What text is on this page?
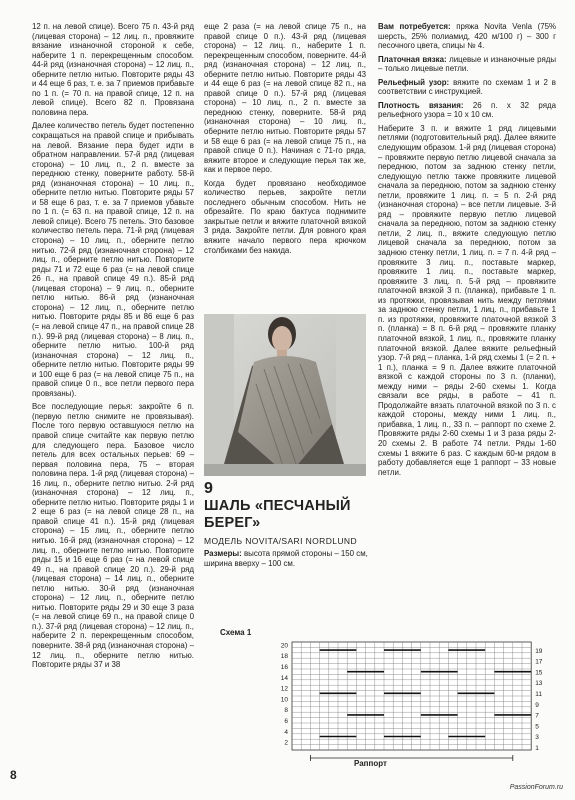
12 п. на левой спице). Всего 75 п. 43-й ряд (лицевая сторона) – 12 лиц. п., провяжите вязание изнаночной стороной к себе, наберите 1 п. перекрещенным способом. 44-й ряд (изнаночная сторона) – 12 лиц. п., оберните петлю нитью. Повторите ряды 43 и 44 еще 6 раз, т. е. за 7 приемов прибавьте по 1 п. (= 70 п. на правой спице, 12 п. на левой спице). Всего 82 п. Провязана половина пера.

Далее количество петель будет постепенно сокращаться на правой спице и прибывать на левой. Вязание пера будет идти в обратном направлении. 57-й ряд (лицевая сторона) – 10 лиц. п., 2 п. вместе за переднюю стенку, поверните работу. 58-й ряд (изнаночная сторона) – 10 лиц. п., оберните петлю нитью. Повторите ряды 57 и 58 еще 6 раз, т. е. за 7 приемов убавьте по 1 п. (= 63 п. на правой спице, 12 п. на левой спице). Всего 75 петель. Это базовое количество петель пера. 71-й ряд (лицевая сторона) – 10 лиц. п., оберните петлю нитью. 72-й ряд (изнаночная сторона) – 12 лиц. п., оберните петлю нитью. Повторите ряды 71 и 72 еще 6 раз (= на левой спице 26 п., на правой спице 49 п.). 85-й ряд (лицевая сторона) – 9 лиц. п., оберните петлю нитью. 86-й ряд (изнаночная сторона) – 12 лиц. п., оберните петлю нитью. Повторите ряды 85 и 86 еще 6 раз (= на левой спице 47 п., на правой спице 28 п.). 99-й ряд (лицевая сторона) – 8 лиц. п., оберните петлю нитью. 100-й ряд (изнаночная сторона) – 12 лиц. п., оберните петлю нитью. Повторите ряды 99 и 100 еще 6 раз (= на левой спице 75 п., на правой спице 0 п., все петли первого пера провязаны).

Все последующие перья: закройте 6 п. (первую петлю снимите не провязывая). После того первую оставшуюся петлю на правой спице считайте как первую петлю для следующего пера. Базовое число петель для всех остальных перьев: 69 – первая половина пера, 75 – вторая половина пера. 1-й ряд (лицевая сторона) – 16 лиц. п., оберните петлю нитью. 2-й ряд (изнаночная сторона) – 12 лиц. п., оберните петлю нитью. Повторите ряды 1 и 2 еще 6 раз (= на левой спице 28 п., на правой спице 41 п.). 15-й ряд (лицевая сторона) – 15 лиц. п., оберните петлю нитью. 16-й ряд (изнаночная сторона) – 12 лиц. п., оберните петлю нитью. Повторите ряды 15 и 16 еще 6 раз (= на левой спице 49 п., на правой спице 20 п.). 29-й ряд (лицевая сторона) – 14 лиц. п., оберните петлю нитью. 30-й ряд (изнаночная сторона) – 12 лиц. п., оберните петлю нитью. Повторите ряды 29 и 30 еще 3 раза (= на левой спице 69 п., на правой спице 0 п.). 37-й ряд (лицевая сторона) – 12 лиц. п., наберите 2 п. перекрещенным способом, поверните. 38-й ряд (изнаночная сторона) – 12 лиц. п., оберните петлю нитью. Повторите ряды 37 и 38

еще 2 раза (= на левой спице 75 п., на правой спице 0 п.). 43-й ряд (лицевая сторона) – 12 лиц. п., наберите 1 п. перекрещенным способом, поверните. 44-й ряд (изнаночная сторона) – 12 лиц. п., оберните петлю нитью. Повторите ряды 43 и 44 еще 6 раз (= на левой спице 82 п., на правой спице 0 п.). 57-й ряд (лицевая сторона) – 10 лиц. п., 2 п. вместе за переднюю стенку, поверните. 58-й ряд (изнаночная сторона) – 10 лиц. п., оберните петлю нитью. Повторите ряды 57 и 58 еще 6 раз (= на левой спице 75 п., на правой спице 0 п.). Начиная с 71-го ряда, вяжите второе и следующие перья так же, как и первое перо.

Когда будет провязано необходимое количество перьев, закройте петли последнего обычным способом. Нить не обрезайте. По краю бактуса поднимите закрытые петли и вяжите платочной вязкой 3 ряда. Закройте петли. Для ровного края вяжите начало первого пера крючком столбиками без накида.

Вам потребуется: пряжа Novita Venla (75% шерсть, 25% полиамид, 420 м/100 г) – 300 г песочного цвета, спицы № 4.

Платочная вязка: лицевые и изнаночные ряды – только лицевые петли.

Рельефный узор: вяжите по схемам 1 и 2 в соответствии с инструкцией.

Плотность вязания: 26 п. х 32 ряда рельефного узора = 10 х 10 см.

Наберите 3 п. и вяжите 1 ряд лицевыми петлями (подготовительный ряд). Далее вяжите следующим образом. 1-й ряд (лицевая сторона) – провяжите первую петлю лицевой сначала за переднюю, потом за заднюю стенку петли, следующую петлю также провяжите лицевой сначала за переднюю, потом за заднюю стенку петли, провяжите 1 лиц. п. = 5 п. 2-й ряд (изнаночная сторона) – все петли лицевые. 3-й ряд – провяжите первую петлю лицевой сначала за переднюю, потом за заднюю стенку петли, 2 лиц. п., вяжите следующую петлю лицевой сначала за переднюю, потом за заднюю стенку петли, 1 лиц. п. = 7 п. 4-й ряд – провяжите 3 лиц. п., поставьте маркер, провяжите 1 лиц. п., поставьте маркер, провяжите 3 лиц. п. 5-й ряд – провяжите платочной вязкой 3 п. (планка), прибавьте 1 п. из протяжки, провязывая нить между петлями за заднюю стенку петли, 1 лиц. п., прибавьте 1 п. из протяжки, провяжите платочной вязкой 3 п. (планка) = 8 п. 6-й ряд – провяжите планку платочной вязкой, 1 лиц. п., провяжите планку платочной вязкой. Далее вяжите рельефный узор. 7-й ряд – планка, 1-й ряд схемы 1 (= 2 п. + 1 п.), планка = 9 п. Далее вяжите платочной вязкой с каждой стороны по 3 п. (планки), между ними – ряды 2-60 схемы 1. Когда связали все ряды, в работе – 41 п. Продолжайте вязать платочной вязкой по 3 п. с каждой стороны, между ними 1 лиц. п., прибавка, 1 лиц. п., 33 п. – раппорт по схеме 2. Провяжите ряды 2-60 схемы 1 и 3 раза ряды 2-20 схемы 2. В работе 74 петли. Ряды 1-60 схемы 1 вяжите 6 раз. С каждым 60-м рядом в работу добавляется еще 1 раппорт – 33 новые петли.

9
ШАЛЬ «ПЕСЧАНЫЙ БЕРЕГ»
МОДЕЛЬ NOVITA/SARI NORDLUND
Размеры: высота прямой стороны – 150 см, ширина вверху – 100 см.
Схема 1
20
18
16
14
12
10
8
6
4
2
19
17
15
13
11
9
7
5
3
1
Раппорт
8
PassionForum.ru
